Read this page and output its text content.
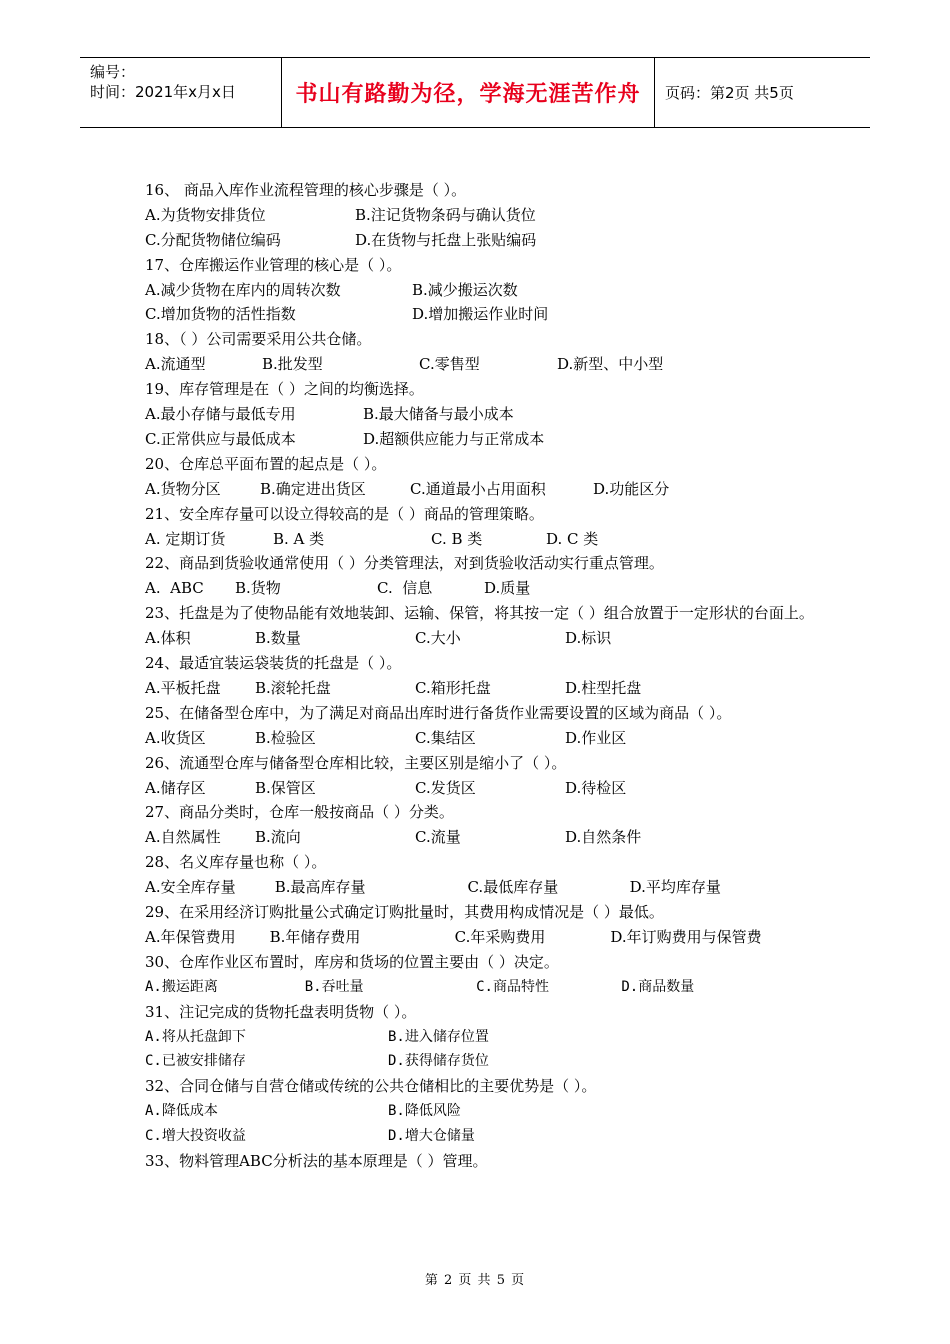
编号：
时间：2021年x月x日	书山有路勤为径，学海无涯苦作舟	页码：第2页 共5页
16、 商品入库作业流程管理的核心步骤是（ ）。
A.为货物安排货位	B.注记货物条码与确认货位
C.分配货物储位编码	D.在货物与托盘上张贴编码
17、仓库搬运作业管理的核心是（ ）。
A.减少货物在库内的周转次数	B.减少搬运次数
C.增加货物的活性指数	D.增加搬运作业时间
18、（ ）公司需要采用公共仓储。
A.流通型	B.批发型	C.零售型	D.新型、中小型
19、库存管理是在（ ）之间的均衡选择。
A.最小存储与最低专用	B.最大储备与最小成本
C.正常供应与最低成本	D.超额供应能力与正常成本
20、仓库总平面布置的起点是（ ）。
A.货物分区	B.确定进出货区	C.通道最小占用面积	D.功能区分
21、安全库存量可以设立得较高的是（ ）商品的管理策略。
A. 定期订货	B. A 类	C. B 类	D. C 类
22、商品到货验收通常使用（ ）分类管理法，对到货验收活动实行重点管理。
A.  ABC	B.货物	C.  信息	D.质量
23、托盘是为了使物品能有效地装卸、运输、保管，将其按一定（ ）组合放置于一定形状的台面上。
A.体积	B.数量	C.大小	D.标识
24、最适宜装运袋装货的托盘是（ ）。
A.平板托盘	B.滚轮托盘	C.箱形托盘	D.柱型托盘
25、在储备型仓库中，为了满足对商品出库时进行备货作业需要设置的区域为商品（ ）。
A.收货区	B.检验区	C.集结区	D.作业区
26、流通型仓库与储备型仓库相比较，主要区别是缩小了（ ）。
A.储存区	B.保管区	C.发货区	D.待检区
27、商品分类时，仓库一般按商品（ ）分类。
A.自然属性	B.流向	C.流量	D.自然条件
28、名义库存量也称（ ）。
A.安全库存量	B.最高库存量	C.最低库存量	D.平均库存量
29、在采用经济订购批量公式确定订购批量时，其费用构成情况是（ ）最低。
A.年保管费用	B.年储存费用	C.年采购费用	D.年订购费用与保管费
30、仓库作业区布置时，库房和货场的位置主要由（ ）决定。
A.搬运距离	B.吞吐量	C.商品特性	D.商品数量
31、注记完成的货物托盘表明货物（ ）。
A.将从托盘卸下	B.进入储存位置
C.已被安排储存	D.获得储存货位
32、合同仓储与自营仓储或传统的公共仓储相比的主要优势是（ ）。
A.降低成本	B.降低风险
C.增大投资收益	D.增大仓储量
33、物料管理ABC分析法的基本原理是（ ）管理。
第 2 页 共 5 页
